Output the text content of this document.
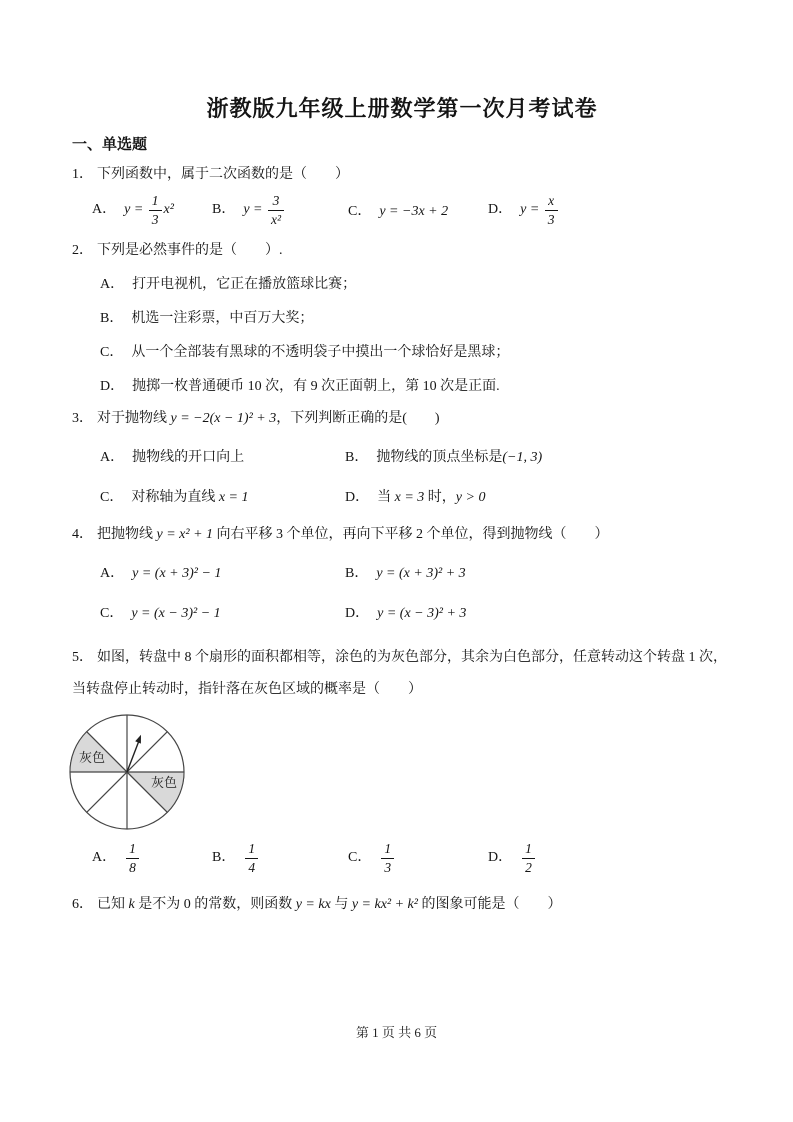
浙教版九年级上册数学第一次月考试卷
一、单选题
1． 下列函数中，属于二次函数的是（　　）
A． $y = \frac{1}{3} x^2$	B． $y = \frac{3}{\text{x²}}$	C． y = −3x + 2	D． $y = \frac{x}{3}$
2． 下列是必然事件的是（　　）.
A． 打开电视机，它正在播放篮球比赛；
B． 机选一注彩票，中百万大奖；
C． 从一个全部装有黑球的不透明袋子中摸出一个球恰好是黑球；
D． 抛掷一枚普通硬币 10 次，有 9 次正面朝上，第 10 次是正面.
3． 对于抛物线 y = −2(x − 1)² + 3，下列判断正确的是(　　)
A． 抛物线的开口向上	B． 抛物线的顶点坐标是(−1, 3)
C． 对称轴为直线 x = 1	D． 当 x = 3 时，y > 0
4． 把抛物线 y = x² + 1 向右平移 3 个单位，再向下平移 2 个单位，得到抛物线（　　）
A． y = (x + 3)² − 1	B． y = (x + 3)² + 3
C． y = (x − 3)² − 1	D． y = (x − 3)² + 3
5． 如图，转盘中 8 个扇形的面积都相等，涂色的为灰色部分，其余为白色部分，任意转动这个转盘 1 次，
当转盘停止转动时，指针落在灰色区域的概率是（　　）
灰色
灰色
A． $\frac{1}{8}$	B． $\frac{1}{4}$	C． $\frac{1}{3}$	D． $\frac{1}{2}$
6． 已知 k 是不为 0 的常数，则函数 y = kx 与 y = kx² + k² 的图象可能是（　　）
第 1 页 共 6 页
